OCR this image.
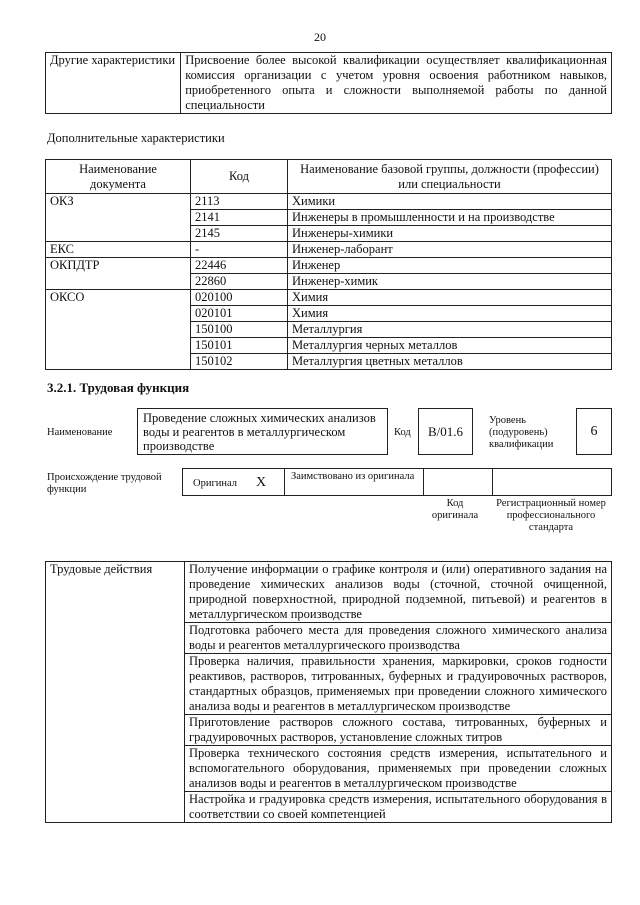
20
Другие характеристики	Присвоение более высокой квалификации осуществляет квалификационная комиссия организации с учетом уровня освоения работником навыков, приобретенного опыта и сложности выполняемой работы по данной специальности
Дополнительные характеристики
Наименование документа	Код	Наименование базовой группы, должности (профессии) или специальности
ОКЗ	2113	Химики
	2141	Инженеры в промышленности и на производстве
	2145	Инженеры-химики
ЕКС	-	Инженер-лаборант
ОКПДТР	22446	Инженер
	22860	Инженер-химик
ОКСО	020100	Химия
	020101	Химия
	150100	Металлургия
	150101	Металлургия черных металлов
	150102	Металлургия цветных металлов
3.2.1. Трудовая функция
Наименование
Проведение сложных химических анализов воды и реагентов в металлургическом производстве
Код	В/01.6
Уровень (подуровень) квалификации
6
Происхождение трудовой функции
Оригинал X Заимствовано из оригинала
Код оригинала
Регистрационный номер профессионального стандарта
Трудовые действия	Получение информации о графике контроля и (или) оперативного задания на проведение химических анализов воды (сточной, сточной очищенной, природной поверхностной, природной подземной, питьевой) и реагентов в металлургическом производстве
Подготовка рабочего места для проведения сложного химического анализа воды и реагентов металлургического производства
Проверка наличия, правильности хранения, маркировки, сроков годности реактивов, растворов, титрованных, буферных и градуировочных растворов, стандартных образцов, применяемых при проведении сложного химического анализа воды и реагентов в металлургическом производстве
Приготовление растворов сложного состава, титрованных, буферных и градуировочных растворов, установление сложных титров
Проверка технического состояния средств измерения, испытательного и вспомогательного оборудования, применяемых при проведении сложных анализов воды и реагентов в металлургическом производстве
Настройка и градуировка средств измерения, испытательного оборудования в соответствии со своей компетенцией
